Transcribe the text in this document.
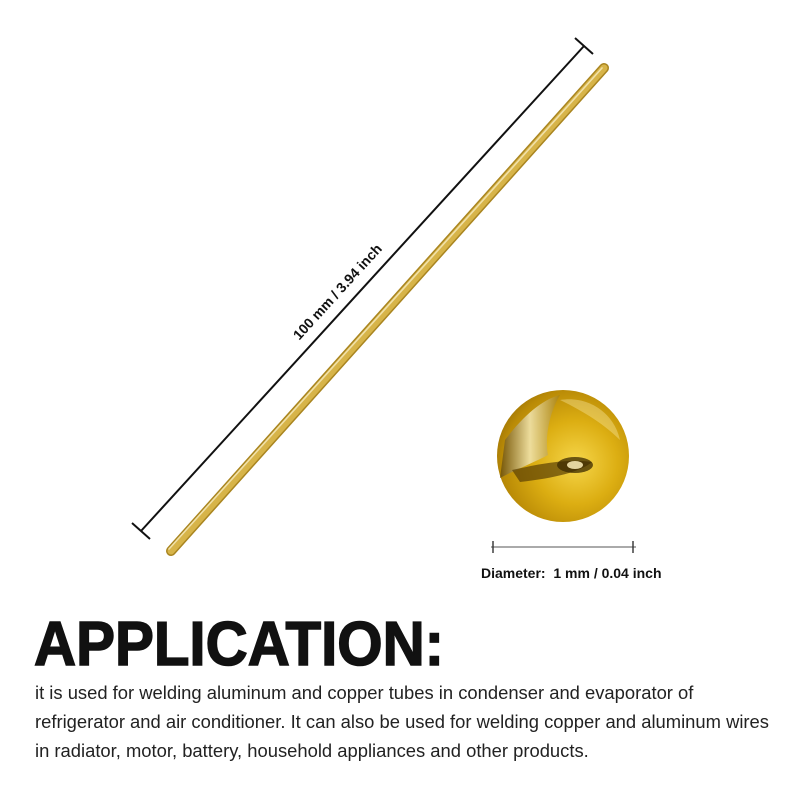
100 mm / 3.94 inch
Diameter:  1 mm / 0.04 inch
APPLICATION:

it is used for welding aluminum and copper tubes in condenser and evaporator of refrigerator and air conditioner. It can also be used for welding copper and aluminum wires in radiator, motor, battery, household appliances and other products.
